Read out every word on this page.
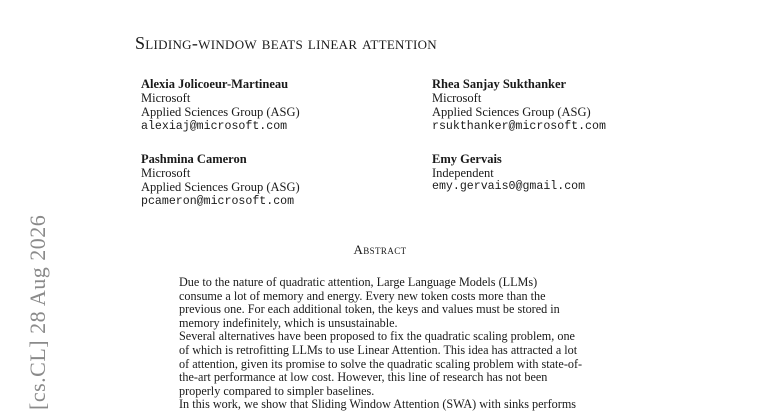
Sliding-window beats linear attention
Alexia Jolicoeur-Martineau
Microsoft
Applied Sciences Group (ASG)
alexiaj@microsoft.com
Rhea Sanjay Sukthanker
Microsoft
Applied Sciences Group (ASG)
rsukthanker@microsoft.com
Pashmina Cameron
Microsoft
Applied Sciences Group (ASG)
pcameron@microsoft.com
Emy Gervais
Independent
emy.gervais0@gmail.com
[cs.CL] 28 Aug 2026	Abstract

Due to the nature of quadratic attention, Large Language Models (LLMs) consume a lot of memory and energy. Every new token costs more than the previous one. For each additional token, the keys and values must be stored in memory indefinitely, which is unsustainable.

Several alternatives have been proposed to fix the quadratic scaling problem, one of which is retrofitting LLMs to use Linear Attention. This idea has attracted a lot of attention, given its promise to solve the quadratic scaling problem with state-of-the-art performance at low cost. However, this line of research has not been properly compared to simpler baselines.

In this work, we show that Sliding Window Attention (SWA) with sinks performs
